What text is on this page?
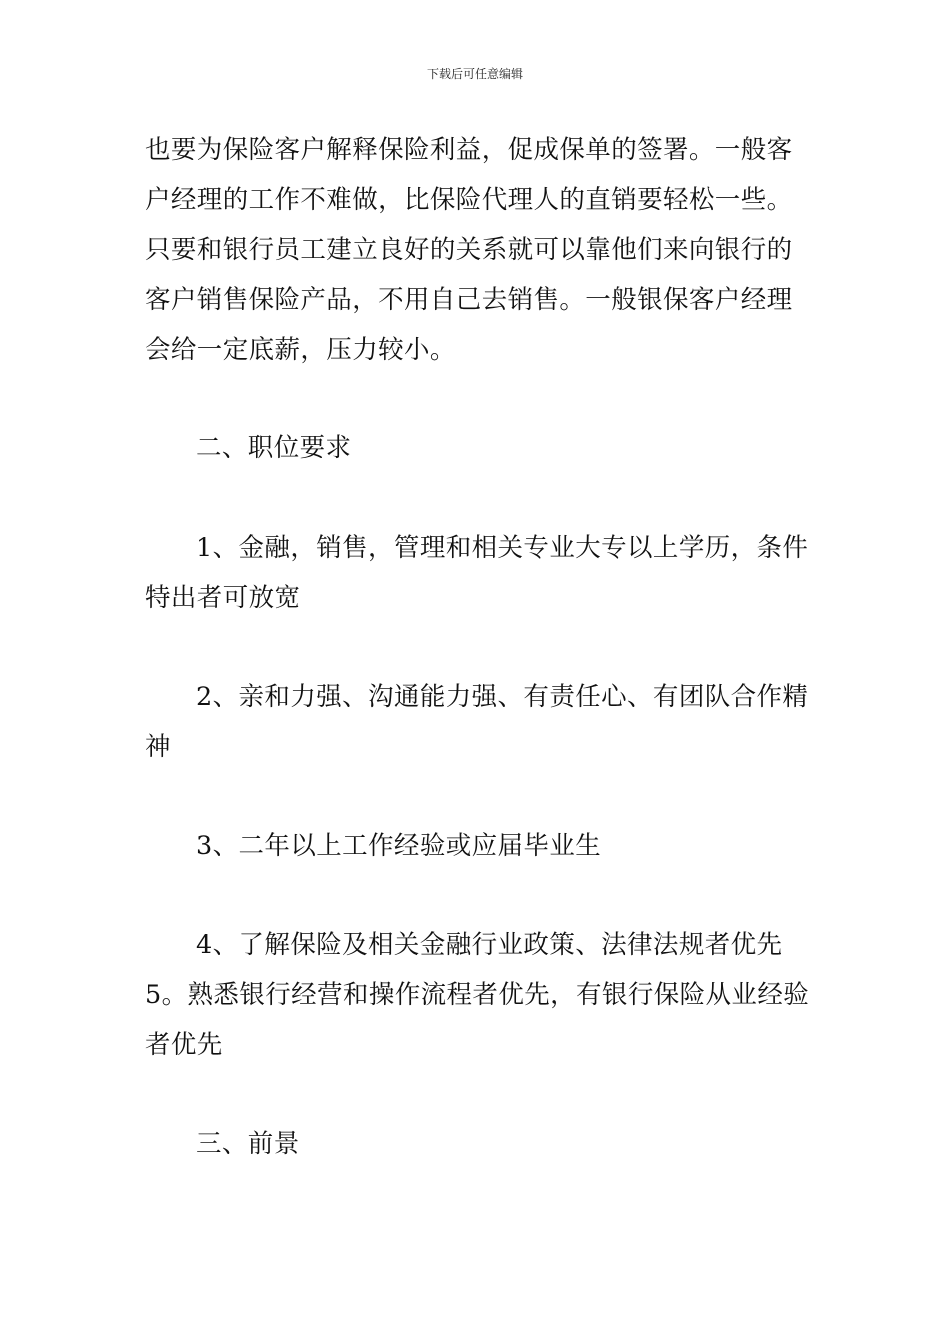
下载后可任意编辑
也要为保险客户解释保险利益，促成保单的签署。一般客
户经理的工作不难做，比保险代理人的直销要轻松一些。
只要和银行员工建立良好的关系就可以靠他们来向银行的
客户销售保险产品，不用自己去销售。一般银保客户经理
会给一定底薪，压力较小。
二、职位要求
1、金融，销售，管理和相关专业大专以上学历，条件
特出者可放宽
2、亲和力强、沟通能力强、有责任心、有团队合作精
神
3、二年以上工作经验或应届毕业生
4、了解保险及相关金融行业政策、法律法规者优先
5。熟悉银行经营和操作流程者优先，有银行保险从业经验
者优先
三、前景
